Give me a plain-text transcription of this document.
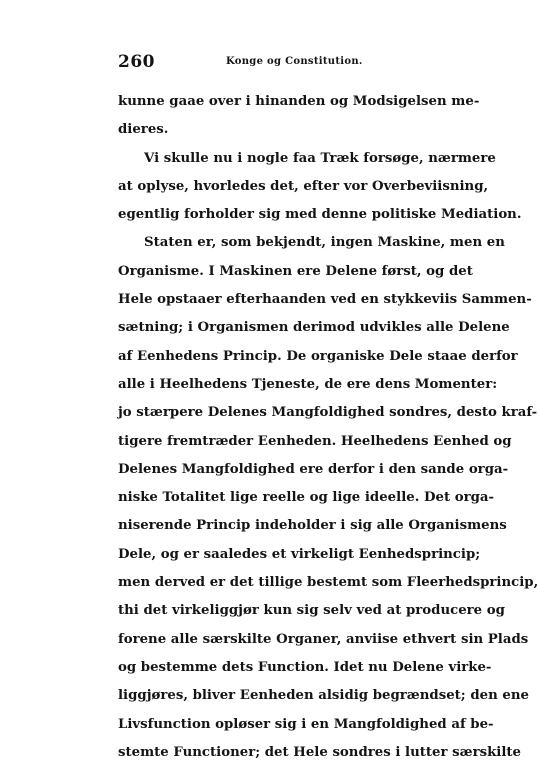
260	Konge og Constitution.
kunne gaae over i hinanden og Modsigelsen me-
dieres.
Vi skulle nu i nogle faa Træk forsøge, nærmere
at oplyse, hvorledes det, efter vor Overbeviisning,
egentlig forholder sig med denne politiske Mediation.
Staten er, som bekjendt, ingen Maskine, men en
Organisme. I Maskinen ere Delene først, og det
Hele opstaaer efterhaanden ved en stykkeviis Sammen-
sætning; i Organismen derimod udvikles alle Delene
af Eenhedens Princip. De organiske Dele staae derfor
alle i Heelhedens Tjeneste, de ere dens Momenter:
jo stærpere Delenes Mangfoldighed sondres, desto kraf-
tigere fremtræder Eenheden. Heelhedens Eenhed og
Delenes Mangfoldighed ere derfor i den sande orga-
niske Totalitet lige reelle og lige ideelle. Det orga-
niserende Princip indeholder i sig alle Organismens
Dele, og er saaledes et virkeligt Eenhedsprincip;
men derved er det tillige bestemt som Fleerhedsprincip,
thi det virkeliggjør kun sig selv ved at producere og
forene alle særskilte Organer, anviise ethvert sin Plads
og bestemme dets Function. Idet nu Delene virke-
liggjøres, bliver Eenheden alsidig begrændset; den ene
Livsfunction opløser sig i en Mangfoldighed af be-
stemte Functioner; det Hele sondres i lutter særskilte
